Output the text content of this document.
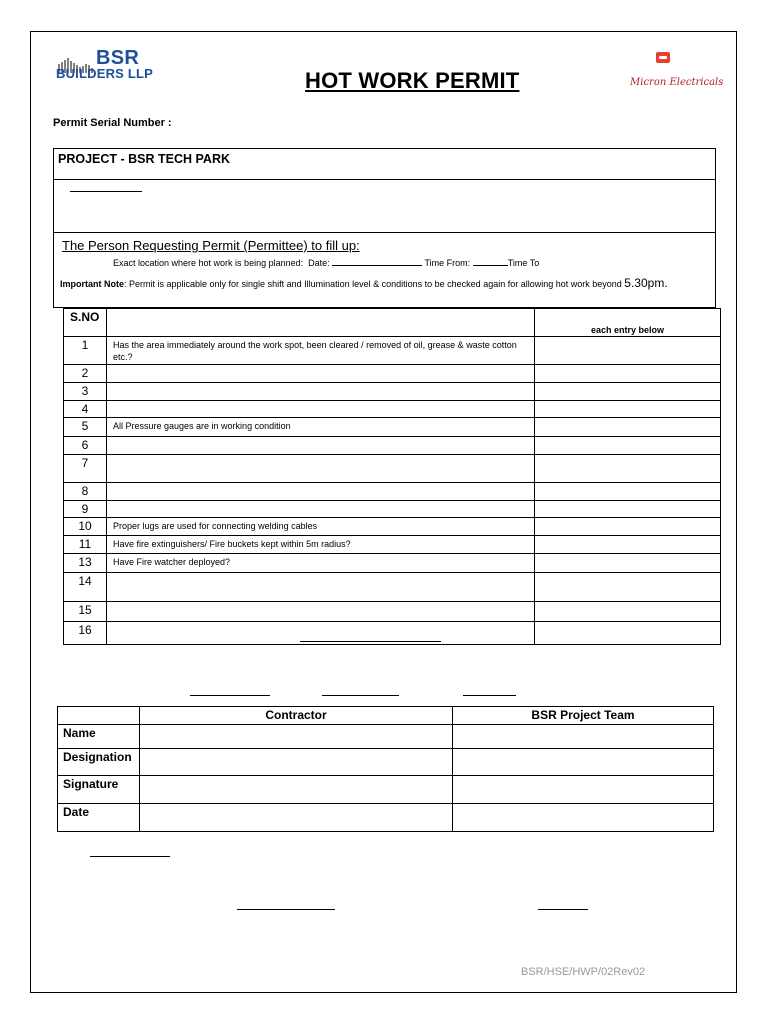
BSR
BUILDERS LLP
Micron Electricals
HOT WORK PERMIT
Permit Serial Number :
PROJECT - BSR TECH PARK
The Person Requesting Permit (Permittee) to fill up:
Exact location where hot work is being planned: Date:	Time From:	Time To
Important Note: Permit is applicable only for single shift and Illumination level & conditions to be checked again for allowing hot work beyond 5.30pm.
S.NO		each entry below
1	Has the area immediately around the work spot, been cleared / removed of oil, grease & waste cotton etc.?	
2		
3		
4		
5	All Pressure gauges are in working condition	
6		
7		
8		
9		
10	Proper lugs are used for connecting welding cables	
11	Have fire extinguishers/ Fire buckets kept within 5m radius?	
13	Have Fire watcher deployed?	
14		
15		
16		
	Contractor	BSR Project Team
Name		
Designation		
Signature		
Date		
BSR/HSE/HWP/02Rev02
